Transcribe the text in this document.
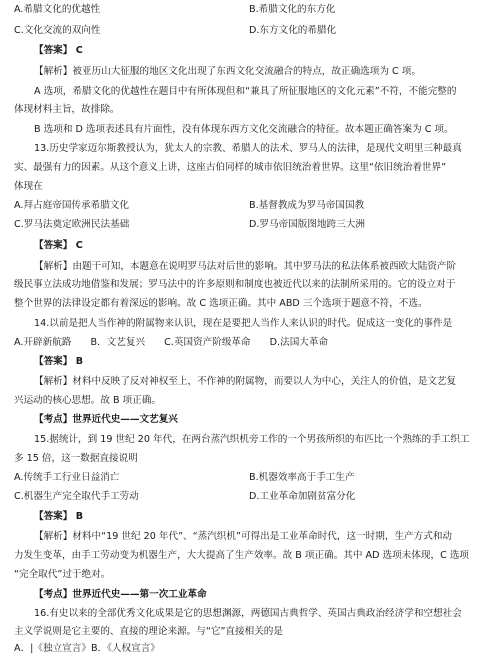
A.希腊文化的优越性	B.希腊文化的东方化
C.文化交流的双向性	D.东方文化的希腊化
【答案】 C
【解析】被亚历山大征服的地区文化出现了东西文化交流融合的特点，故正确选项为 C 项。
A 选项，希腊文化的优越性在题目中有所体现但和“兼具了所征服地区的文化元素”不符，不能完整的
体现材料主旨，故排除。
B 选项和 D 选项表述具有片面性，没有体现东西方文化交流融合的特征。故本题正确答案为 C 项。
13.历史学家迈尔斯教授认为，犹太人的宗教、希腊人的法术、罗马人的法律，是现代文明里三种最真
实、最强有力的因素。从这个意义上讲，这座古伯同样的城市依旧统治着世界。这里“依旧统治着世界”
体现在
A.拜占庭帝国传承希腊文化	B.基督教成为罗马帝国国教
C.罗马法奠定欧洲民法基础	D.罗马帝国版图地跨三大洲
【答案】 C
【解析】由题干可知，本题意在说明罗马法对后世的影响。其中罗马法的私法体系被西欧大陆资产阶
级民事立法成功地借鉴和发展；罗马法中的许多原则和制度也被近代以来的法制所采用的。它的设立对于
整个世界的法律设定都有着深远的影响。故 C 选项正确。其中 ABD 三个选项于题意不符，不选。
14.以前是把人当作神的附属物来认识，现在是要把人当作人来认识的时代。促成这一变化的事件是
A.开辟新航路 B．文艺复兴 C.英国资产阶级革命 D.法国大革命
【答案】 B
【解析】材料中反映了反对神权至上，不作神的附属物，而要以人为中心，关注人的价值，是文艺复
兴运动的核心思想。故 B 项正确。
【考点】世界近代史——文艺复兴
15.据统计，到 19 世纪 20 年代，在两台蒸汽织机旁工作的一个男孩所织的布匹比一个熟练的手工织工
多 15 倍，这一数据直接说明
A.传统手工行业日益消亡	B.机器效率高于手工生产
C.机器生产完全取代手工劳动	D.工业革命加剧贫富分化
【答案】 B
【解析】材料中“19 世纪 20 年代”、“蒸汽织机”可得出是工业革命时代，这一时期，生产方式和动
力发生变革，由手工劳动变为机器生产，大大提高了生产效率。故 B 项正确。其中 AD 选项未体现，C 选项
“完全取代”过于绝对。
【考点】世界近代史——第一次工业革命
16.有史以来的全部优秀文化成果是它的思想渊源，两德国古典哲学、英国古典政治经济学和空想社会
主义学说则是它主要的、直接的理论来源。与“它”直接相关的是
A．|《独立宣言》B．《人权宣言》
